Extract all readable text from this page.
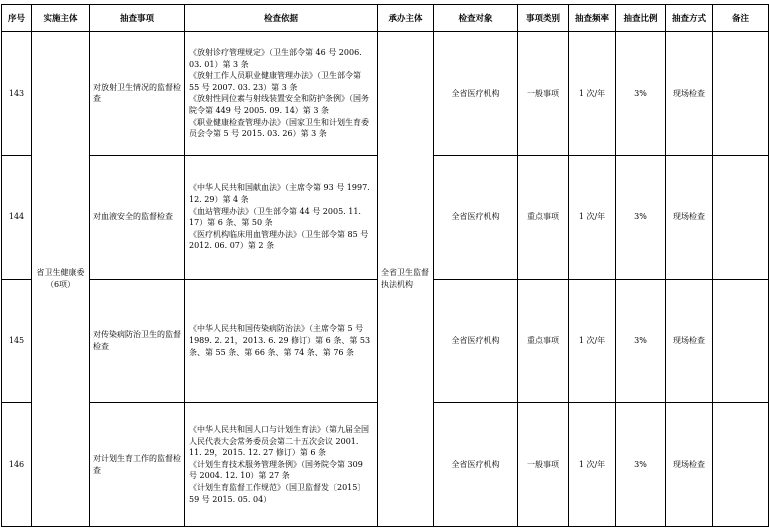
序号	实施主体	抽查事项	检查依据	承办主体	检查对象	事项类别	抽查频率	抽查比例	抽查方式	备注
143	省卫生健康委（6项）	对放射卫生情况的监督检查	《放射诊疗管理规定》（卫生部令第 46 号 2006. 03. 01）第 3 条
《放射工作人员职业健康管理办法》（卫生部令第 55 号 2007. 03. 23）第 3 条
《放射性同位素与射线装置安全和防护条例》（国务院令第 449 号 2005. 09. 14）第 3 条
《职业健康检查管理办法》（国家卫生和计划生育委员会令第 5 号 2015. 03. 26）第 3 条	全省卫生监督执法机构	全省医疗机构	一般事项	1 次/年	3%	现场检查	
144		对血液安全的监督检查	《中华人民共和国献血法》（主席令第 93 号 1997. 12. 29）第 4 条
《血站管理办法》（卫生部令第 44 号 2005. 11. 17）第 6 条、第 50 条
《医疗机构临床用血管理办法》（卫生部令第 85 号 2012. 06. 07）第 2 条		全省医疗机构	重点事项	1 次/年	3%	现场检查	
145		对传染病防治卫生的监督检查	《中华人民共和国传染病防治法》（主席令第 5 号 1989. 2. 21，2013. 6. 29 修订）第 6 条、第 53 条、第 55 条、第 66 条、第 74 条、第 76 条		全省医疗机构	重点事项	1 次/年	3%	现场检查	
146		对计划生育工作的监督检查	《中华人民共和国人口与计划生育法》（第九届全国人民代表大会常务委员会第二十五次会议 2001. 11. 29，2015. 12. 27 修订）第 6 条
《计划生育技术服务管理条例》（国务院令第 309 号 2004. 12. 10）第 27 条
《计划生育监督工作规范》（国卫监督发〔2015〕59 号 2015. 05. 04）		全省医疗机构	一般事项	1 次/年	3%	现场检查	
